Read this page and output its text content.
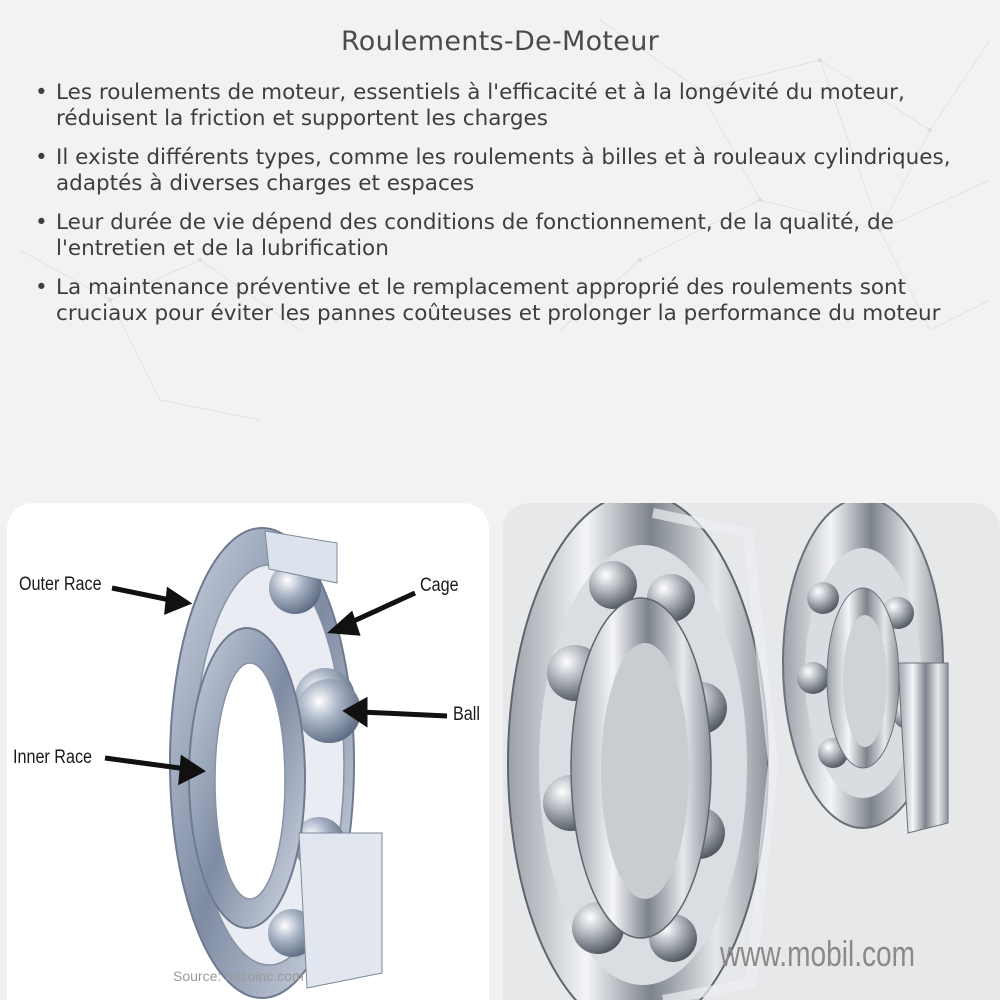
Roulements-De-Moteur
• Les roulements de moteur, essentiels à l'efficacité et à la longévité du moteur, réduisent la friction et supportent les charges
• Il existe différents types, comme les roulements à billes et à rouleaux cylindriques, adaptés à diverses charges et espaces
• Leur durée de vie dépend des conditions de fonctionnement, de la qualité, de l'entretien et de la lubrification
• La maintenance préventive et le remplacement approprié des roulements sont cruciaux pour éviter les pannes coûteuses et prolonger la performance du moteur
Outer Race	Cage
Ball
Inner Race
Source: hecoinc.com
www.mobil.com
